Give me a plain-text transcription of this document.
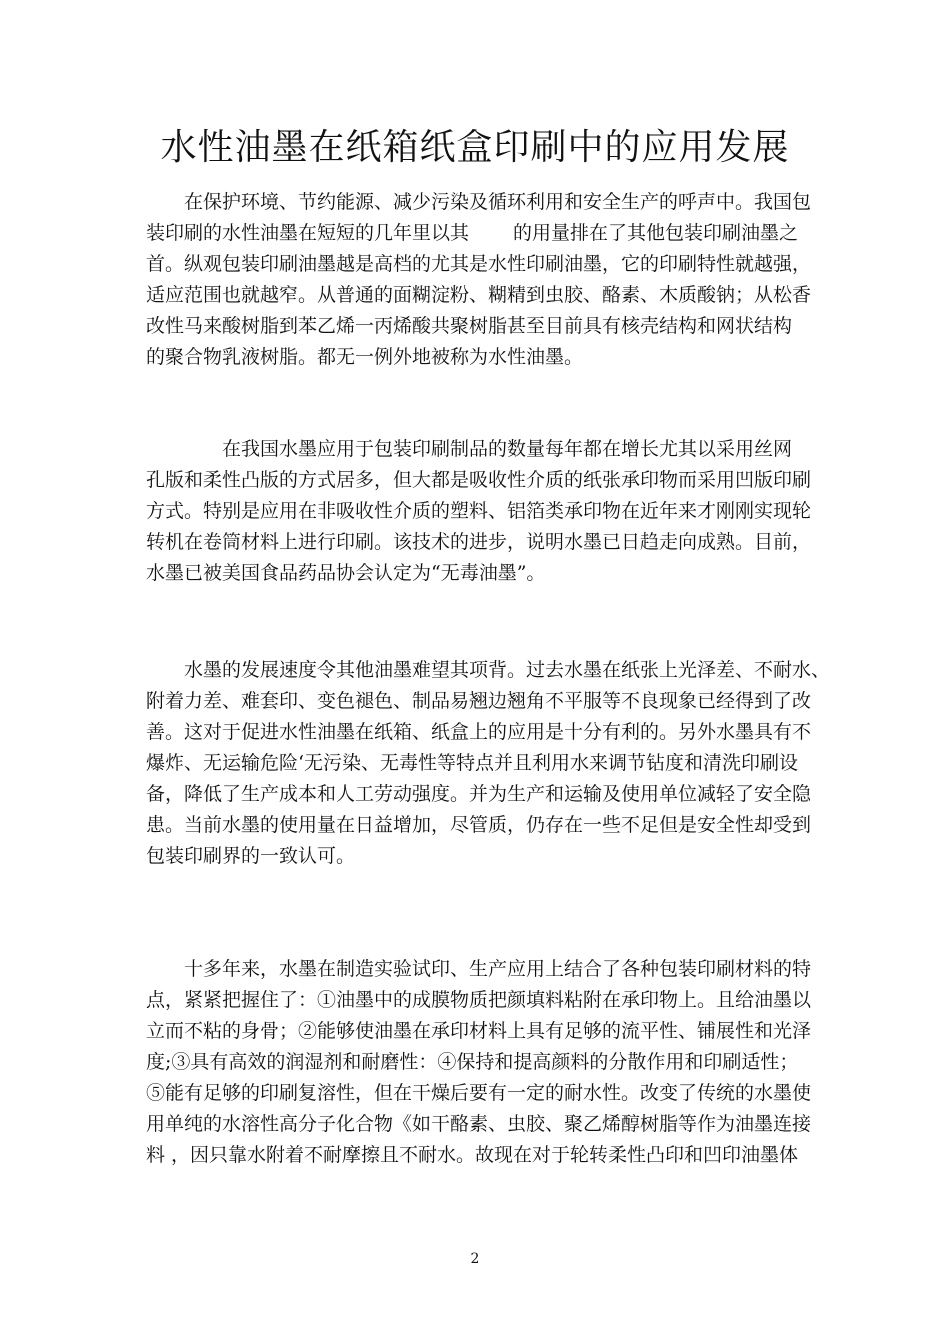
水性油墨在纸箱纸盒印刷中的应用发展
在保护环境、节约能源、减少污染及循环利用和安全生产的呼声中。我国包
装印刷的水性油墨在短短的几年里以其 的用量排在了其他包装印刷油墨之
首。纵观包装印刷油墨越是高档的尤其是水性印刷油墨，它的印刷特性就越强，
适应范围也就越窄。从普通的面糊淀粉、糊精到虫胶、酪素、木质酸钠；从松香
改性马来酸树脂到苯乙烯一丙烯酸共聚树脂甚至目前具有核壳结构和网状结构
的聚合物乳液树脂。都无一例外地被称为水性油墨。
在我国水墨应用于包装印刷制品的数量每年都在增长尤其以采用丝网
孔版和柔性凸版的方式居多，但大都是吸收性介质的纸张承印物而采用凹版印刷
方式。特别是应用在非吸收性介质的塑料、铝箔类承印物在近年来才刚刚实现轮
转机在卷筒材料上进行印刷。该技术的进步，说明水墨已日趋走向成熟。目前，
水墨已被美国食品药品协会认定为“无毒油墨”。
水墨的发展速度令其他油墨难望其项背。过去水墨在纸张上光泽差、不耐水、
附着力差、难套印、变色褪色、制品易翘边翘角不平服等不良现象已经得到了改
善。这对于促进水性油墨在纸箱、纸盒上的应用是十分有利的。另外水墨具有不
爆炸、无运输危险‘无污染、无毒性等特点并且利用水来调节钻度和清洗印刷设
备，降低了生产成本和人工劳动强度。并为生产和运输及使用单位减轻了安全隐
患。当前水墨的使用量在日益增加，尽管质，仍存在一些不足但是安全性却受到
包装印刷界的一致认可。
十多年来，水墨在制造实验试印、生产应用上结合了各种包装印刷材料的特
点，紧紧把握住了：①油墨中的成膜物质把颜填料粘附在承印物上。且给油墨以
立而不粘的身骨；②能够使油墨在承印材料上具有足够的流平性、铺展性和光泽
度;③具有高效的润湿剂和耐磨性：④保持和提高颜料的分散作用和印刷适性；
⑤能有足够的印刷复溶性，但在干燥后要有一定的耐水性。改变了传统的水墨使
用单纯的水溶性高分子化合物《如干酪素、虫胶、聚乙烯醇树脂等作为油墨连接
料 ，因只靠水附着不耐摩擦且不耐水。故现在对于轮转柔性凸印和凹印油墨体
2
